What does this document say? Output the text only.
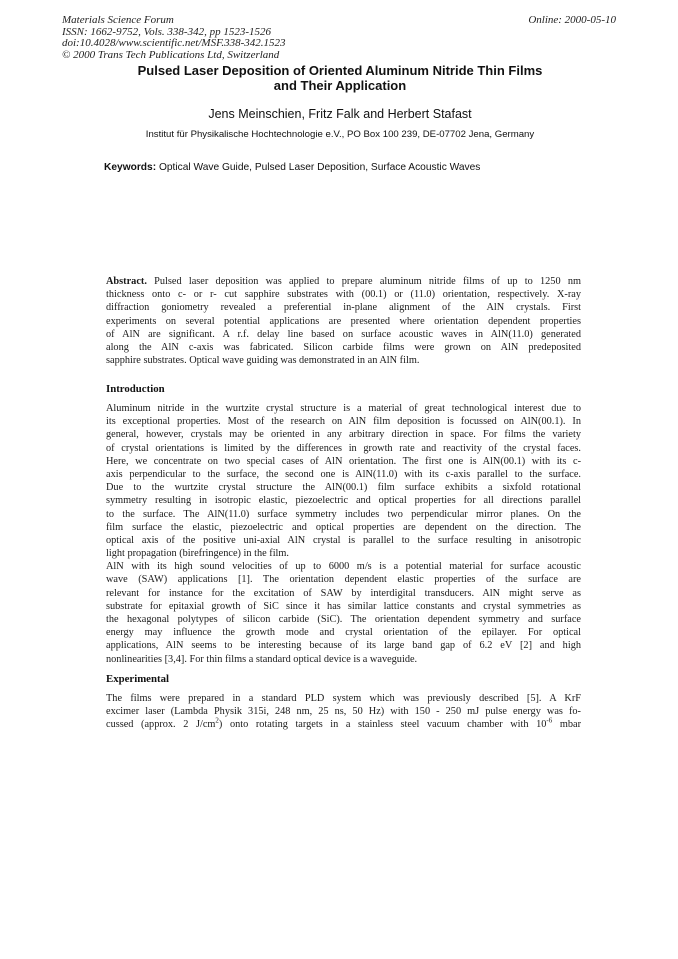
Materials Science Forum
ISSN: 1662-9752, Vols. 338-342, pp 1523-1526
doi:10.4028/www.scientific.net/MSF.338-342.1523
© 2000 Trans Tech Publications Ltd, Switzerland
Online: 2000-05-10
Pulsed Laser Deposition of Oriented Aluminum Nitride Thin Films
and Their Application
Jens Meinschien, Fritz Falk and Herbert Stafast
Institut für Physikalische Hochtechnologie e.V., PO Box 100 239, DE-07702 Jena, Germany
Keywords: Optical Wave Guide, Pulsed Laser Deposition, Surface Acoustic Waves
Abstract. Pulsed laser deposition was applied to prepare aluminum nitride films of up to 1250 nm
thickness onto c- or r- cut sapphire substrates with (00.1) or (11.0) orientation, respectively. X-ray
diffraction goniometry revealed a preferential in-plane alignment of the AlN crystals. First
experiments on several potential applications are presented where orientation dependent properties
of AlN are significant. A r.f. delay line based on surface acoustic waves in AlN(11.0) generated
along the AlN c-axis was fabricated. Silicon carbide films were grown on AlN predeposited
sapphire substrates. Optical wave guiding was demonstrated in an AlN film.
Introduction
Aluminum nitride in the wurtzite crystal structure is a material of great technological interest due to
its exceptional properties. Most of the research on AlN film deposition is focussed on AlN(00.1). In
general, however, crystals may be oriented in any arbitrary direction in space. For films the variety
of crystal orientations is limited by the differences in growth rate and reactivity of the crystal faces.
Here, we concentrate on two special cases of AlN orientation. The first one is AlN(00.1) with its c-
axis perpendicular to the surface, the second one is AlN(11.0) with its c-axis parallel to the surface.
Due to the wurtzite crystal structure the AlN(00.1) film surface exhibits a sixfold rotational
symmetry resulting in isotropic elastic, piezoelectric and optical properties for all directions parallel
to the surface. The AlN(11.0) surface symmetry includes two perpendicular mirror planes. On the
film surface the elastic, piezoelectric and optical properties are dependent on the direction. The
optical axis of the positive uni-axial AlN crystal is parallel to the surface resulting in anisotropic
light propagation (birefringence) in the film.
AlN with its high sound velocities of up to 6000 m/s is a potential material for surface acoustic
wave (SAW) applications [1]. The orientation dependent elastic properties of the surface are
relevant for instance for the excitation of SAW by interdigital transducers. AlN might serve as
substrate for epitaxial growth of SiC since it has similar lattice constants and crystal symmetries as
the hexagonal polytypes of silicon carbide (SiC). The orientation dependent symmetry and surface
energy may influence the growth mode and crystal orientation of the epilayer. For optical
applications, AlN seems to be interesting because of its large band gap of 6.2 eV [2] and high
nonlinearities [3,4]. For thin films a standard optical device is a waveguide.
Experimental
The films were prepared in a standard PLD system which was previously described [5]. A KrF
excimer laser (Lambda Physik 315i, 248 nm, 25 ns, 50 Hz) with 150 - 250 mJ pulse energy was fo-
cussed (approx. 2 $J/cm^2$) onto rotating targets in a stainless steel vacuum chamber with $10^{-6}$ mbar
